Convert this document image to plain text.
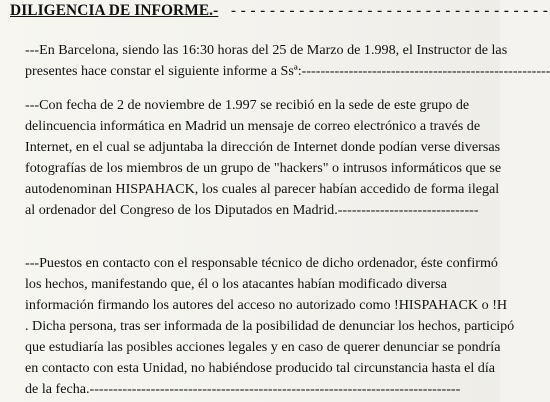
DILIGENCIA DE INFORME.- - - - - - - - - - - - - - - - - - - - - - - - - - - - - - - - - -
---En Barcelona, siendo las 16:30 horas del 25 de Marzo de 1.998, el Instructor de las
presentes hace constar el siguiente informe a Ssª:-----------------------------------------------------
---Con fecha de 2 de noviembre de 1.997 se recibió en la sede de este grupo de
delincuencia informática en Madrid un mensaje de correo electrónico a través de
Internet, en el cual se adjuntaba la dirección de Internet donde podían verse diversas
fotografías de los miembros de un grupo de "hackers" o intrusos informáticos que se
autodenominan HISPAHACK, los cuales al parecer habían accedido de forma ilegal
al ordenador del Congreso de los Diputados en Madrid.------------------------------
---Puestos en contacto con el responsable técnico de dicho ordenador, éste confirmó
los hechos, manifestando que, él o los atacantes habían modificado diversa
información firmando los autores del acceso no autorizado como !HISPAHACK o !H
. Dicha persona, tras ser informada de la posibilidad de denunciar los hechos, participó
que estudiaría las posibles acciones legales y en caso de querer denunciar se pondría
en contacto con esta Unidad, no habiéndose producido tal circunstancia hasta el día
de la fecha.-------------------------------------------------------------------------------
